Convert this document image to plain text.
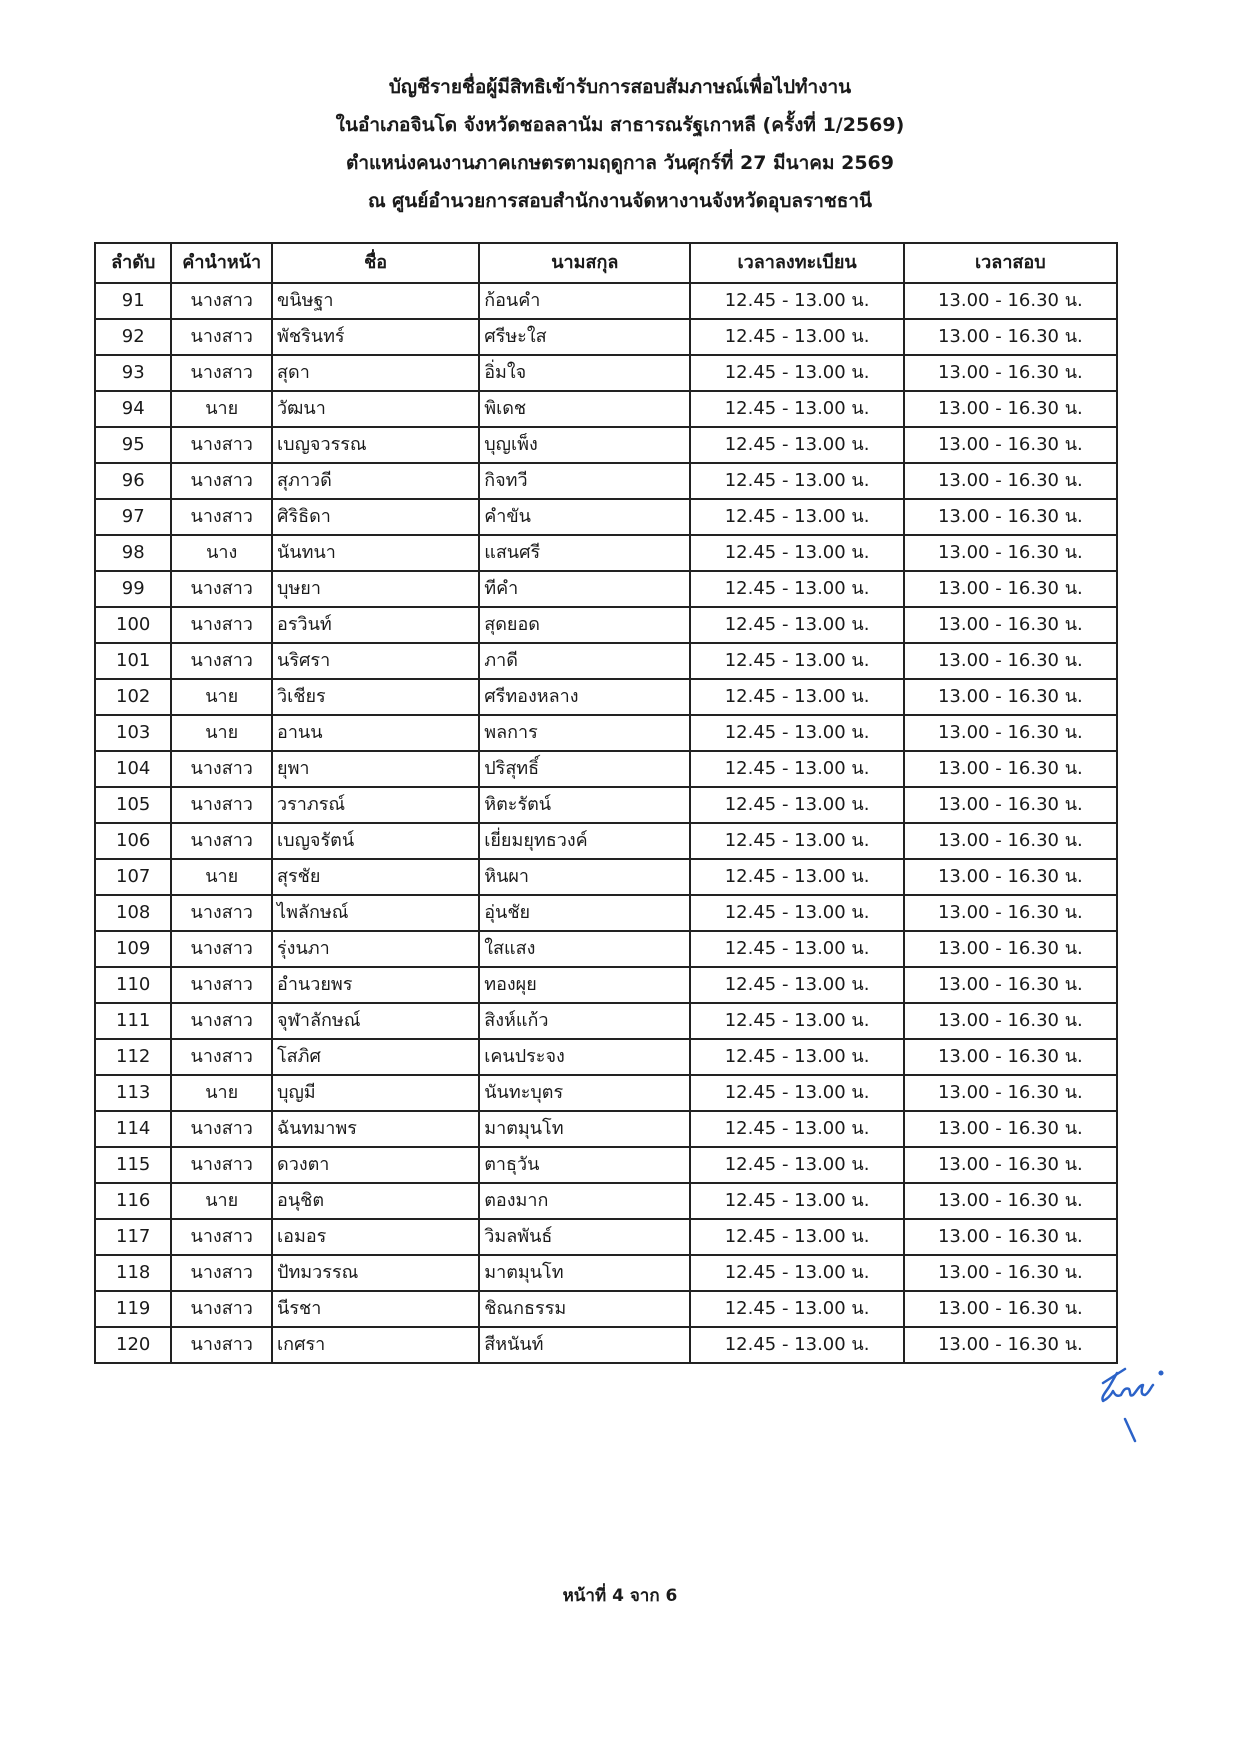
บัญชีรายชื่อผู้มีสิทธิเข้ารับการสอบสัมภาษณ์เพื่อไปทำงาน
ในอำเภอจินโด จังหวัดชอลลานัม สาธารณรัฐเกาหลี (ครั้งที่ 1/2569)
ตำแหน่งคนงานภาคเกษตรตามฤดูกาล วันศุกร์ที่ 27 มีนาคม 2569
ณ ศูนย์อำนวยการสอบสำนักงานจัดหางานจังหวัดอุบลราชธานี
ลำดับ	คำนำหน้า	ชื่อ	นามสกุล	เวลาลงทะเบียน	เวลาสอบ
91	นางสาว	ขนิษฐา	ก้อนคำ	12.45 - 13.00 น.	13.00 - 16.30 น.
92	นางสาว	พัชรินทร์	ศรีษะใส	12.45 - 13.00 น.	13.00 - 16.30 น.
93	นางสาว	สุดา	อิ่มใจ	12.45 - 13.00 น.	13.00 - 16.30 น.
94	นาย	วัฒนา	พิเดช	12.45 - 13.00 น.	13.00 - 16.30 น.
95	นางสาว	เบญจวรรณ	บุญเพ็ง	12.45 - 13.00 น.	13.00 - 16.30 น.
96	นางสาว	สุภาวดี	กิจทวี	12.45 - 13.00 น.	13.00 - 16.30 น.
97	นางสาว	ศิริธิดา	คำขัน	12.45 - 13.00 น.	13.00 - 16.30 น.
98	นาง	นันทนา	แสนศรี	12.45 - 13.00 น.	13.00 - 16.30 น.
99	นางสาว	บุษยา	ทีคำ	12.45 - 13.00 น.	13.00 - 16.30 น.
100	นางสาว	อรวินท์	สุดยอด	12.45 - 13.00 น.	13.00 - 16.30 น.
101	นางสาว	นริศรา	ภาดี	12.45 - 13.00 น.	13.00 - 16.30 น.
102	นาย	วิเชียร	ศรีทองหลาง	12.45 - 13.00 น.	13.00 - 16.30 น.
103	นาย	อานน	พลการ	12.45 - 13.00 น.	13.00 - 16.30 น.
104	นางสาว	ยุพา	ปริสุทธิ์	12.45 - 13.00 น.	13.00 - 16.30 น.
105	นางสาว	วราภรณ์	หิตะรัตน์	12.45 - 13.00 น.	13.00 - 16.30 น.
106	นางสาว	เบญจรัตน์	เยี่ยมยุทธวงค์	12.45 - 13.00 น.	13.00 - 16.30 น.
107	นาย	สุรชัย	หินผา	12.45 - 13.00 น.	13.00 - 16.30 น.
108	นางสาว	ไพลักษณ์	อุ่นชัย	12.45 - 13.00 น.	13.00 - 16.30 น.
109	นางสาว	รุ่งนภา	ใสแสง	12.45 - 13.00 น.	13.00 - 16.30 น.
110	นางสาว	อำนวยพร	ทองผุย	12.45 - 13.00 น.	13.00 - 16.30 น.
111	นางสาว	จุฬาลักษณ์	สิงห์แก้ว	12.45 - 13.00 น.	13.00 - 16.30 น.
112	นางสาว	โสภิศ	เคนประจง	12.45 - 13.00 น.	13.00 - 16.30 น.
113	นาย	บุญมี	นันทะบุตร	12.45 - 13.00 น.	13.00 - 16.30 น.
114	นางสาว	ฉันทมาพร	มาตมุนโท	12.45 - 13.00 น.	13.00 - 16.30 น.
115	นางสาว	ดวงตา	ตาธุวัน	12.45 - 13.00 น.	13.00 - 16.30 น.
116	นาย	อนุชิต	ตองมาก	12.45 - 13.00 น.	13.00 - 16.30 น.
117	นางสาว	เอมอร	วิมลพันธ์	12.45 - 13.00 น.	13.00 - 16.30 น.
118	นางสาว	ปัทมวรรณ	มาตมุนโท	12.45 - 13.00 น.	13.00 - 16.30 น.
119	นางสาว	นีรชา	ชิณกธรรม	12.45 - 13.00 น.	13.00 - 16.30 น.
120	นางสาว	เกศรา	สีหนันท์	12.45 - 13.00 น.	13.00 - 16.30 น.
หน้าที่ 4 จาก 6
